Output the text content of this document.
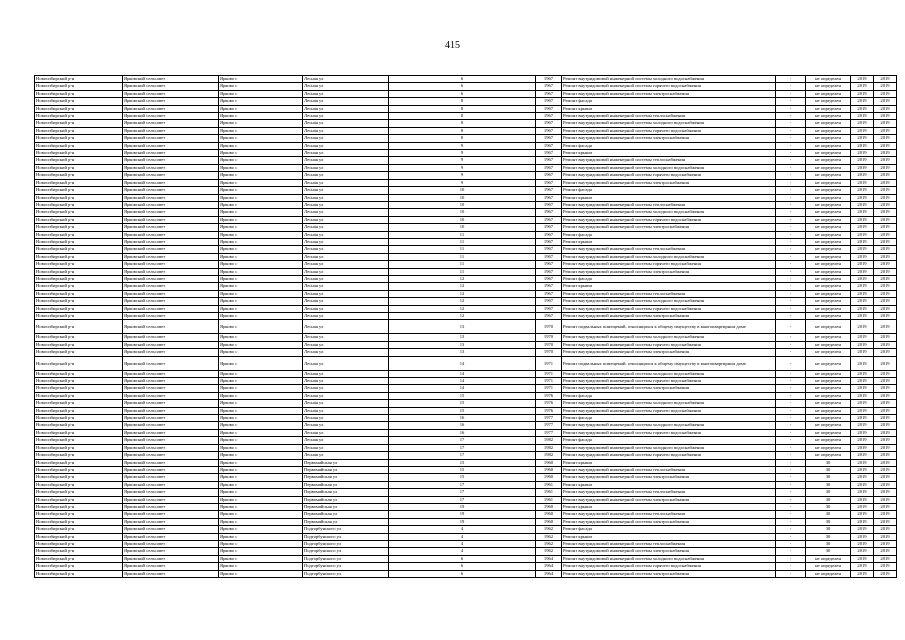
415
Новосибирский р-н	Ярковский сельсовет	Ярково с	Лесная ул	6	1967	Ремонт внутридомовой инженерной системы холодного водоснабжения	-	не определен	2019	2019
Новосибирский р-н	Ярковский сельсовет	Ярково с	Лесная ул	6	1967	Ремонт внутридомовой инженерной системы горячего водоснабжения	-	не определен	2019	2019
Новосибирский р-н	Ярковский сельсовет	Ярково с	Лесная ул	6	1967	Ремонт внутридомовой инженерной системы электроснабжения	-	не определен	2019	2019
Новосибирский р-н	Ярковский сельсовет	Ярково с	Лесная ул	8	1967	Ремонт фасада	-	не определен	2019	2019
Новосибирский р-н	Ярковский сельсовет	Ярково с	Лесная ул	8	1967	Ремонт крыши	-	не определен	2019	2019
Новосибирский р-н	Ярковский сельсовет	Ярково с	Лесная ул	8	1967	Ремонт внутридомовой инженерной системы теплоснабжения	-	не определен	2019	2019
Новосибирский р-н	Ярковский сельсовет	Ярково с	Лесная ул	8	1967	Ремонт внутридомовой инженерной системы холодного водоснабжения	-	не определен	2019	2019
Новосибирский р-н	Ярковский сельсовет	Ярково с	Лесная ул	8	1967	Ремонт внутридомовой инженерной системы горячего водоснабжения	-	не определен	2019	2019
Новосибирский р-н	Ярковский сельсовет	Ярково с	Лесная ул	8	1967	Ремонт внутридомовой инженерной системы электроснабжения	-	не определен	2019	2019
Новосибирский р-н	Ярковский сельсовет	Ярково с	Лесная ул	9	1967	Ремонт фасада	-	не определен	2019	2019
Новосибирский р-н	Ярковский сельсовет	Ярково с	Лесная ул	9	1967	Ремонт крыши	-	не определен	2019	2019
Новосибирский р-н	Ярковский сельсовет	Ярково с	Лесная ул	9	1967	Ремонт внутридомовой инженерной системы теплоснабжения	-	не определен	2019	2019
Новосибирский р-н	Ярковский сельсовет	Ярково с	Лесная ул	9	1967	Ремонт внутридомовой инженерной системы холодного водоснабжения	-	не определен	2019	2019
Новосибирский р-н	Ярковский сельсовет	Ярково с	Лесная ул	9	1967	Ремонт внутридомовой инженерной системы горячего водоснабжения	-	не определен	2019	2019
Новосибирский р-н	Ярковский сельсовет	Ярково с	Лесная ул	9	1967	Ремонт внутридомовой инженерной системы электроснабжения	-	не определен	2019	2019
Новосибирский р-н	Ярковский сельсовет	Ярково с	Лесная ул	10	1967	Ремонт фасада	-	не определен	2019	2019
Новосибирский р-н	Ярковский сельсовет	Ярково с	Лесная ул	10	1967	Ремонт крыши	-	не определен	2019	2019
Новосибирский р-н	Ярковский сельсовет	Ярково с	Лесная ул	10	1967	Ремонт внутридомовой инженерной системы теплоснабжения	-	не определен	2019	2019
Новосибирский р-н	Ярковский сельсовет	Ярково с	Лесная ул	10	1967	Ремонт внутридомовой инженерной системы холодного водоснабжения	-	не определен	2019	2019
Новосибирский р-н	Ярковский сельсовет	Ярково с	Лесная ул	10	1967	Ремонт внутридомовой инженерной системы горячего водоснабжения	-	не определен	2019	2019
Новосибирский р-н	Ярковский сельсовет	Ярково с	Лесная ул	10	1967	Ремонт внутридомовой инженерной системы электроснабжения	-	не определен	2019	2019
Новосибирский р-н	Ярковский сельсовет	Ярково с	Лесная ул	11	1967	Ремонт фасада	-	не определен	2019	2019
Новосибирский р-н	Ярковский сельсовет	Ярково с	Лесная ул	11	1967	Ремонт крыши	-	не определен	2019	2019
Новосибирский р-н	Ярковский сельсовет	Ярково с	Лесная ул	11	1967	Ремонт внутридомовой инженерной системы теплоснабжения	-	не определен	2019	2019
Новосибирский р-н	Ярковский сельсовет	Ярково с	Лесная ул	11	1967	Ремонт внутридомовой инженерной системы холодного водоснабжения	-	не определен	2019	2019
Новосибирский р-н	Ярковский сельсовет	Ярково с	Лесная ул	11	1967	Ремонт внутридомовой инженерной системы горячего водоснабжения	-	не определен	2019	2019
Новосибирский р-н	Ярковский сельсовет	Ярково с	Лесная ул	11	1967	Ремонт внутридомовой инженерной системы электроснабжения	-	не определен	2019	2019
Новосибирский р-н	Ярковский сельсовет	Ярково с	Лесная ул	12	1967	Ремонт фасада	-	не определен	2019	2019
Новосибирский р-н	Ярковский сельсовет	Ярково с	Лесная ул	12	1967	Ремонт крыши	-	не определен	2019	2019
Новосибирский р-н	Ярковский сельсовет	Ярково с	Лесная ул	12	1967	Ремонт внутридомовой инженерной системы теплоснабжения	-	не определен	2019	2019
Новосибирский р-н	Ярковский сельсовет	Ярково с	Лесная ул	12	1967	Ремонт внутридомовой инженерной системы холодного водоснабжения	-	не определен	2019	2019
Новосибирский р-н	Ярковский сельсовет	Ярково с	Лесная ул	12	1967	Ремонт внутридомовой инженерной системы горячего водоснабжения	-	не определен	2019	2019
Новосибирский р-н	Ярковский сельсовет	Ярково с	Лесная ул	12	1967	Ремонт внутридомовой инженерной системы электроснабжения	-	не определен	2019	2019
Новосибирский р-н	Ярковский сельсовет	Ярково с	Лесная ул	13	1970	Ремонт подвальных помещений, относящихся к общему имуществу в многоквартирном доме	-	не определен	2019	2019
Новосибирский р-н	Ярковский сельсовет	Ярково с	Лесная ул	13	1970	Ремонт внутридомовой инженерной системы холодного водоснабжения	-	не определен	2019	2019
Новосибирский р-н	Ярковский сельсовет	Ярково с	Лесная ул	13	1970	Ремонт внутридомовой инженерной системы горячего водоснабжения	-	не определен	2019	2019
Новосибирский р-н	Ярковский сельсовет	Ярково с	Лесная ул	13	1970	Ремонт внутридомовой инженерной системы электроснабжения	-	не определен	2019	2019
Новосибирский р-н	Ярковский сельсовет	Ярково с	Лесная ул	14	1971	Ремонт подвальных помещений, относящихся к общему имуществу в многоквартирном доме	-	не определен	2019	2019
Новосибирский р-н	Ярковский сельсовет	Ярково с	Лесная ул	14	1971	Ремонт внутридомовой инженерной системы холодного водоснабжения	-	не определен	2019	2019
Новосибирский р-н	Ярковский сельсовет	Ярково с	Лесная ул	14	1971	Ремонт внутридомовой инженерной системы горячего водоснабжения	-	не определен	2019	2019
Новосибирский р-н	Ярковский сельсовет	Ярково с	Лесная ул	14	1971	Ремонт внутридомовой инженерной системы электроснабжения	-	не определен	2019	2019
Новосибирский р-н	Ярковский сельсовет	Ярково с	Лесная ул	15	1976	Ремонт фасада	-	не определен	2019	2019
Новосибирский р-н	Ярковский сельсовет	Ярково с	Лесная ул	15	1976	Ремонт внутридомовой инженерной системы холодного водоснабжения	-	не определен	2019	2019
Новосибирский р-н	Ярковский сельсовет	Ярково с	Лесная ул	15	1976	Ремонт внутридомовой инженерной системы горячего водоснабжения	-	не определен	2019	2019
Новосибирский р-н	Ярковский сельсовет	Ярково с	Лесная ул	16	1977	Ремонт фасада	-	не определен	2019	2019
Новосибирский р-н	Ярковский сельсовет	Ярково с	Лесная ул	16	1977	Ремонт внутридомовой инженерной системы холодного водоснабжения	-	не определен	2019	2019
Новосибирский р-н	Ярковский сельсовет	Ярково с	Лесная ул	16	1977	Ремонт внутридомовой инженерной системы горячего водоснабжения	-	не определен	2019	2019
Новосибирский р-н	Ярковский сельсовет	Ярково с	Лесная ул	17	1982	Ремонт фасада	-	не определен	2019	2019
Новосибирский р-н	Ярковский сельсовет	Ярково с	Лесная ул	17	1982	Ремонт внутридомовой инженерной системы холодного водоснабжения	-	не определен	2019	2019
Новосибирский р-н	Ярковский сельсовет	Ярково с	Лесная ул	17	1982	Ремонт внутридомовой инженерной системы горячего водоснабжения	-	не определен	2019	2019
Новосибирский р-н	Ярковский сельсовет	Ярково с	Первомайская ул	15	1960	Ремонт крыши	-	30	2019	2019
Новосибирский р-н	Ярковский сельсовет	Ярково с	Первомайская ул	15	1960	Ремонт внутридомовой инженерной системы теплоснабжения	-	30	2019	2019
Новосибирский р-н	Ярковский сельсовет	Ярково с	Первомайская ул	15	1960	Ремонт внутридомовой инженерной системы электроснабжения	-	30	2019	2019
Новосибирский р-н	Ярковский сельсовет	Ярково с	Первомайская ул	17	1961	Ремонт крыши	-	30	2019	2019
Новосибирский р-н	Ярковский сельсовет	Ярково с	Первомайская ул	17	1961	Ремонт внутридомовой инженерной системы теплоснабжения	-	30	2019	2019
Новосибирский р-н	Ярковский сельсовет	Ярково с	Первомайская ул	17	1961	Ремонт внутридомовой инженерной системы электроснабжения	-	30	2019	2019
Новосибирский р-н	Ярковский сельсовет	Ярково с	Первомайская ул	19	1960	Ремонт крыши	-	30	2019	2019
Новосибирский р-н	Ярковский сельсовет	Ярково с	Первомайская ул	19	1960	Ремонт внутридомовой инженерной системы теплоснабжения	-	30	2019	2019
Новосибирский р-н	Ярковский сельсовет	Ярково с	Первомайская ул	19	1960	Ремонт внутридомовой инженерной системы электроснабжения	-	30	2019	2019
Новосибирский р-н	Ярковский сельсовет	Ярково с	Подгорбунского ул	4	1962	Ремонт фасада	-	30	2019	2019
Новосибирский р-н	Ярковский сельсовет	Ярково с	Подгорбунского ул	4	1962	Ремонт крыши	-	30	2019	2019
Новосибирский р-н	Ярковский сельсовет	Ярково с	Подгорбунского ул	4	1962	Ремонт внутридомовой инженерной системы теплоснабжения	-	30	2019	2019
Новосибирский р-н	Ярковский сельсовет	Ярково с	Подгорбунского ул	4	1962	Ремонт внутридомовой инженерной системы электроснабжения	-	30	2019	2019
Новосибирский р-н	Ярковский сельсовет	Ярково с	Подгорбунского ул	6	1964	Ремонт внутридомовой инженерной системы холодного водоснабжения	-	не определен	2019	2019
Новосибирский р-н	Ярковский сельсовет	Ярково с	Подгорбунского ул	6	1964	Ремонт внутридомовой инженерной системы горячего водоснабжения	-	не определен	2019	2019
Новосибирский р-н	Ярковский сельсовет	Ярково с	Подгорбунского ул	6	1964	Ремонт внутридомовой инженерной системы электроснабжения	-	не определен	2019	2019
